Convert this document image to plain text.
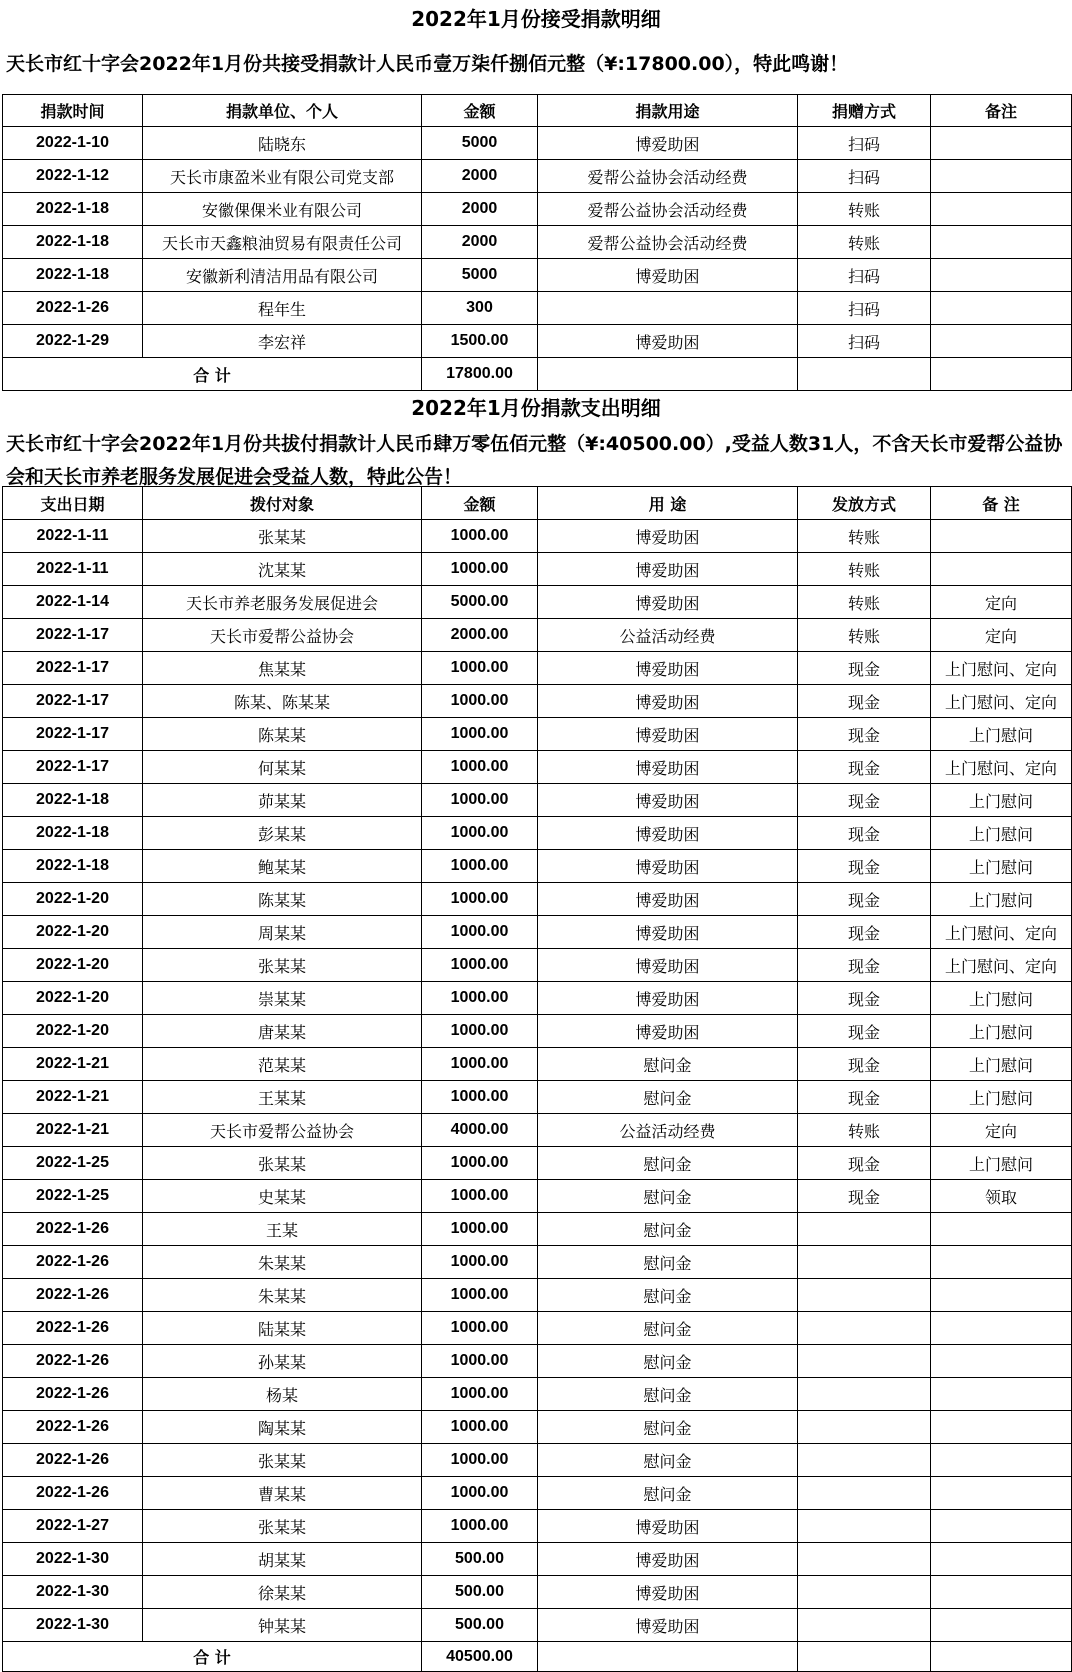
2022年1月份接受捐款明细
天长市红十字会2022年1月份共接受捐款计人民币壹万柒仟捌佰元整（¥:17800.00），特此鸣谢！
捐款时间	捐款单位、个人	金额	捐款用途	捐赠方式	备注
2022-1-10	陆晓东	5000	博爱助困	扫码	
2022-1-12	天长市康盈米业有限公司党支部	2000	爱帮公益协会活动经费	扫码	
2022-1-18	安徽倮倮米业有限公司	2000	爱帮公益协会活动经费	转账	
2022-1-18	天长市天鑫粮油贸易有限责任公司	2000	爱帮公益协会活动经费	转账	
2022-1-18	安徽新利清洁用品有限公司	5000	博爱助困	扫码	
2022-1-26	程年生	300		扫码	
2022-1-29	李宏祥	1500.00	博爱助困	扫码	
合 计		17800.00			
2022年1月份捐款支出明细
天长市红十字会2022年1月份共拔付捐款计人民币肆万零伍佰元整（¥:40500.00）,受益人数31人，不含天长市爱帮公益协会和天长市养老服务发展促进会受益人数，特此公告！
支出日期	拨付对象	金额	用 途	发放方式	备 注
2022-1-11	张某某	1000.00	博爱助困	转账	
2022-1-11	沈某某	1000.00	博爱助困	转账	
2022-1-14	天长市养老服务发展促进会	5000.00	博爱助困	转账	定向
2022-1-17	天长市爱帮公益协会	2000.00	公益活动经费	转账	定向
2022-1-17	焦某某	1000.00	博爱助困	现金	上门慰问、定向
2022-1-17	陈某、陈某某	1000.00	博爱助困	现金	上门慰问、定向
2022-1-17	陈某某	1000.00	博爱助困	现金	上门慰问
2022-1-17	何某某	1000.00	博爱助困	现金	上门慰问、定向
2022-1-18	茆某某	1000.00	博爱助困	现金	上门慰问
2022-1-18	彭某某	1000.00	博爱助困	现金	上门慰问
2022-1-18	鲍某某	1000.00	博爱助困	现金	上门慰问
2022-1-20	陈某某	1000.00	博爱助困	现金	上门慰问
2022-1-20	周某某	1000.00	博爱助困	现金	上门慰问、定向
2022-1-20	张某某	1000.00	博爱助困	现金	上门慰问、定向
2022-1-20	崇某某	1000.00	博爱助困	现金	上门慰问
2022-1-20	唐某某	1000.00	博爱助困	现金	上门慰问
2022-1-21	范某某	1000.00	慰问金	现金	上门慰问
2022-1-21	王某某	1000.00	慰问金	现金	上门慰问
2022-1-21	天长市爱帮公益协会	4000.00	公益活动经费	转账	定向
2022-1-25	张某某	1000.00	慰问金	现金	上门慰问
2022-1-25	史某某	1000.00	慰问金	现金	领取
2022-1-26	王某	1000.00	慰问金		
2022-1-26	朱某某	1000.00	慰问金		
2022-1-26	朱某某	1000.00	慰问金		
2022-1-26	陆某某	1000.00	慰问金		
2022-1-26	孙某某	1000.00	慰问金		
2022-1-26	杨某	1000.00	慰问金		
2022-1-26	陶某某	1000.00	慰问金		
2022-1-26	张某某	1000.00	慰问金		
2022-1-26	曹某某	1000.00	慰问金		
2022-1-27	张某某	1000.00	博爱助困		
2022-1-30	胡某某	500.00	博爱助困		
2022-1-30	徐某某	500.00	博爱助困		
2022-1-30	钟某某	500.00	博爱助困		
合 计		40500.00			
